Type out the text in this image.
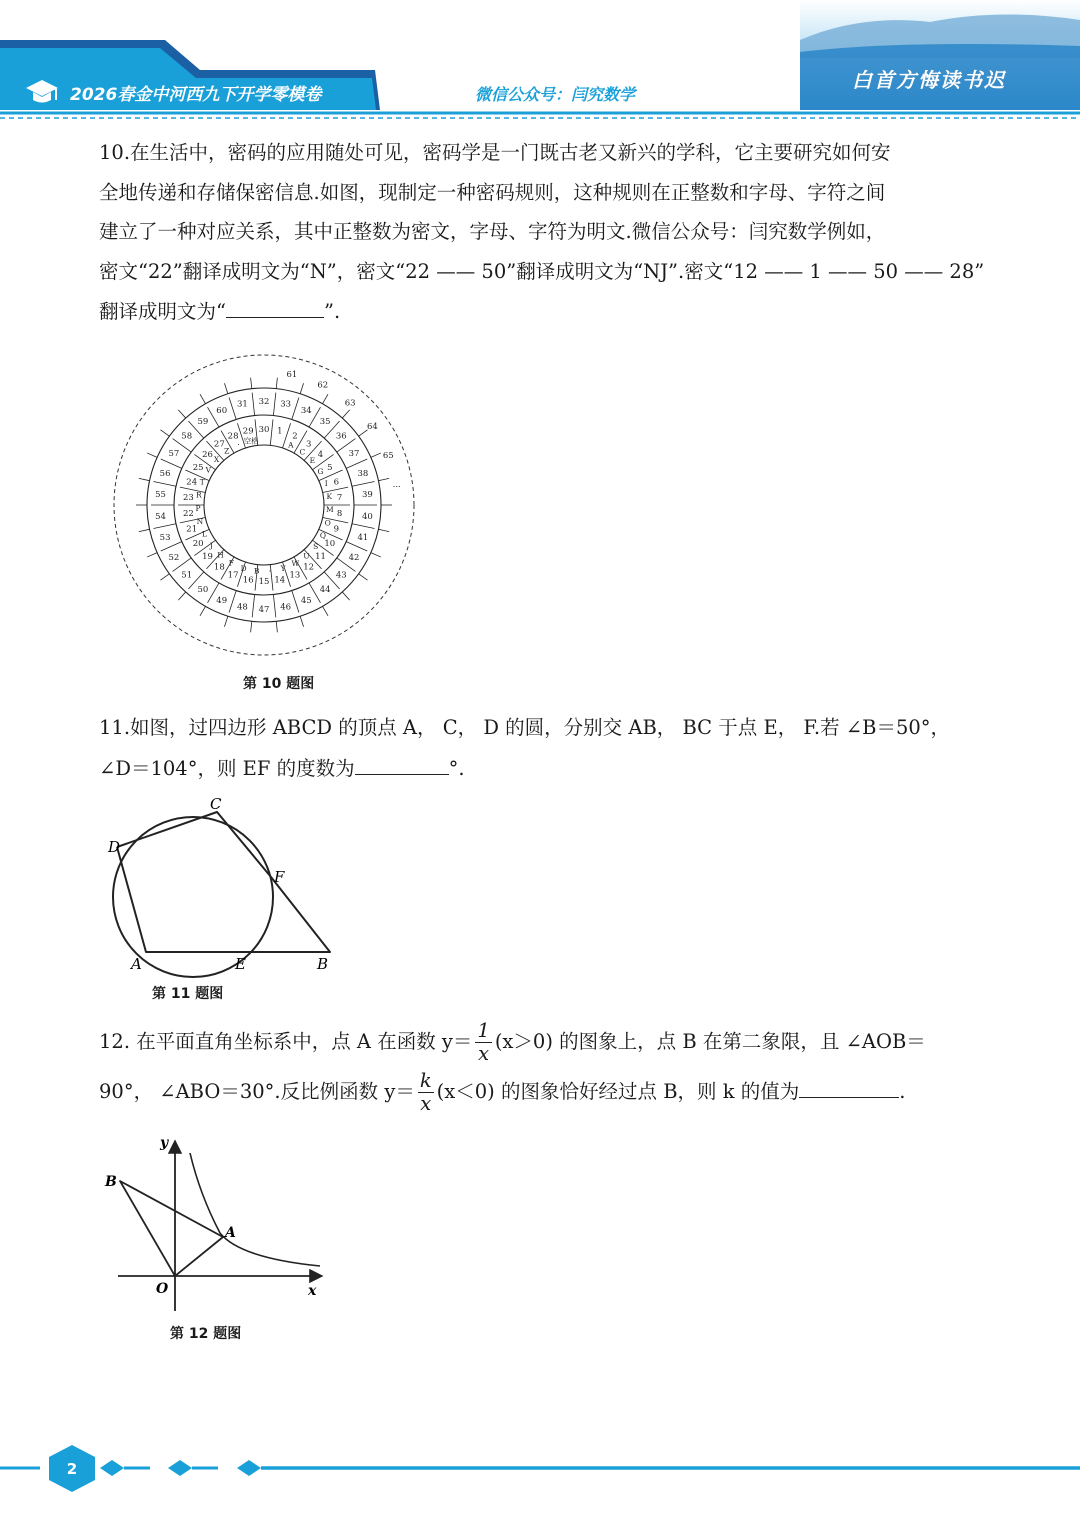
2026春金中河西九下开学零模卷	微信公众号：闫究数学
白首方悔读书迟
10.在生活中，密码的应用随处可见，密码学是一门既古老又新兴的学科，它主要研究如何安
全地传递和存储保密信息.如图，现制定一种密码规则，这种规则在正整数和字母、字符之间
建立了一种对应关系，其中正整数为密文，字母、字符为明文.微信公众号：闫究数学例如，
密文“22”翻译成明文为“N”，密文“22 —— 50”翻译成明文为“NJ”.密文“12 —— 1 —— 50 —— 28”
翻译成明文为“	”.
1 2
3
4
5
6
7
8
9
10
11
12
13
14
15
16
17
18
19
20
21
22
23
24
25
26
27
28 29 30
A
C
E
G
I
K
M
O
Q
S
U
W
Y
·
B
D
F
H
J
L
N
P
R
T
V
X
Z
· 空格
31 32 33
34
35
36
37
38
39
40
41
42
43
44
45
46
47
48
49
50
51
52
53
54
55
56
57
58
59
60
61
62
63
64
65
···
第 10 题图
11.如图，过四边形 ABCD 的顶点 A， C， D 的圆，分别交 AB， BC 于点 E， F.若 ∠B＝50°，
∠D＝104°，则 EF 的度数为	°.
D
C
F
A	E	B
第 11 题图
12. 在平面直角坐标系中，点 A 在函数 $y= \frac{1}{x} (x>0)$ 的图象上，点 B 在第二象限，且 ∠AOB＝
90°， ∠ABO＝30°.反比例函数 $y= \frac{k}{x} (x<0)$ 的图象恰好经过点 B，则 k 的值为	.
B
A
O	x
y
第 12 题图
2
